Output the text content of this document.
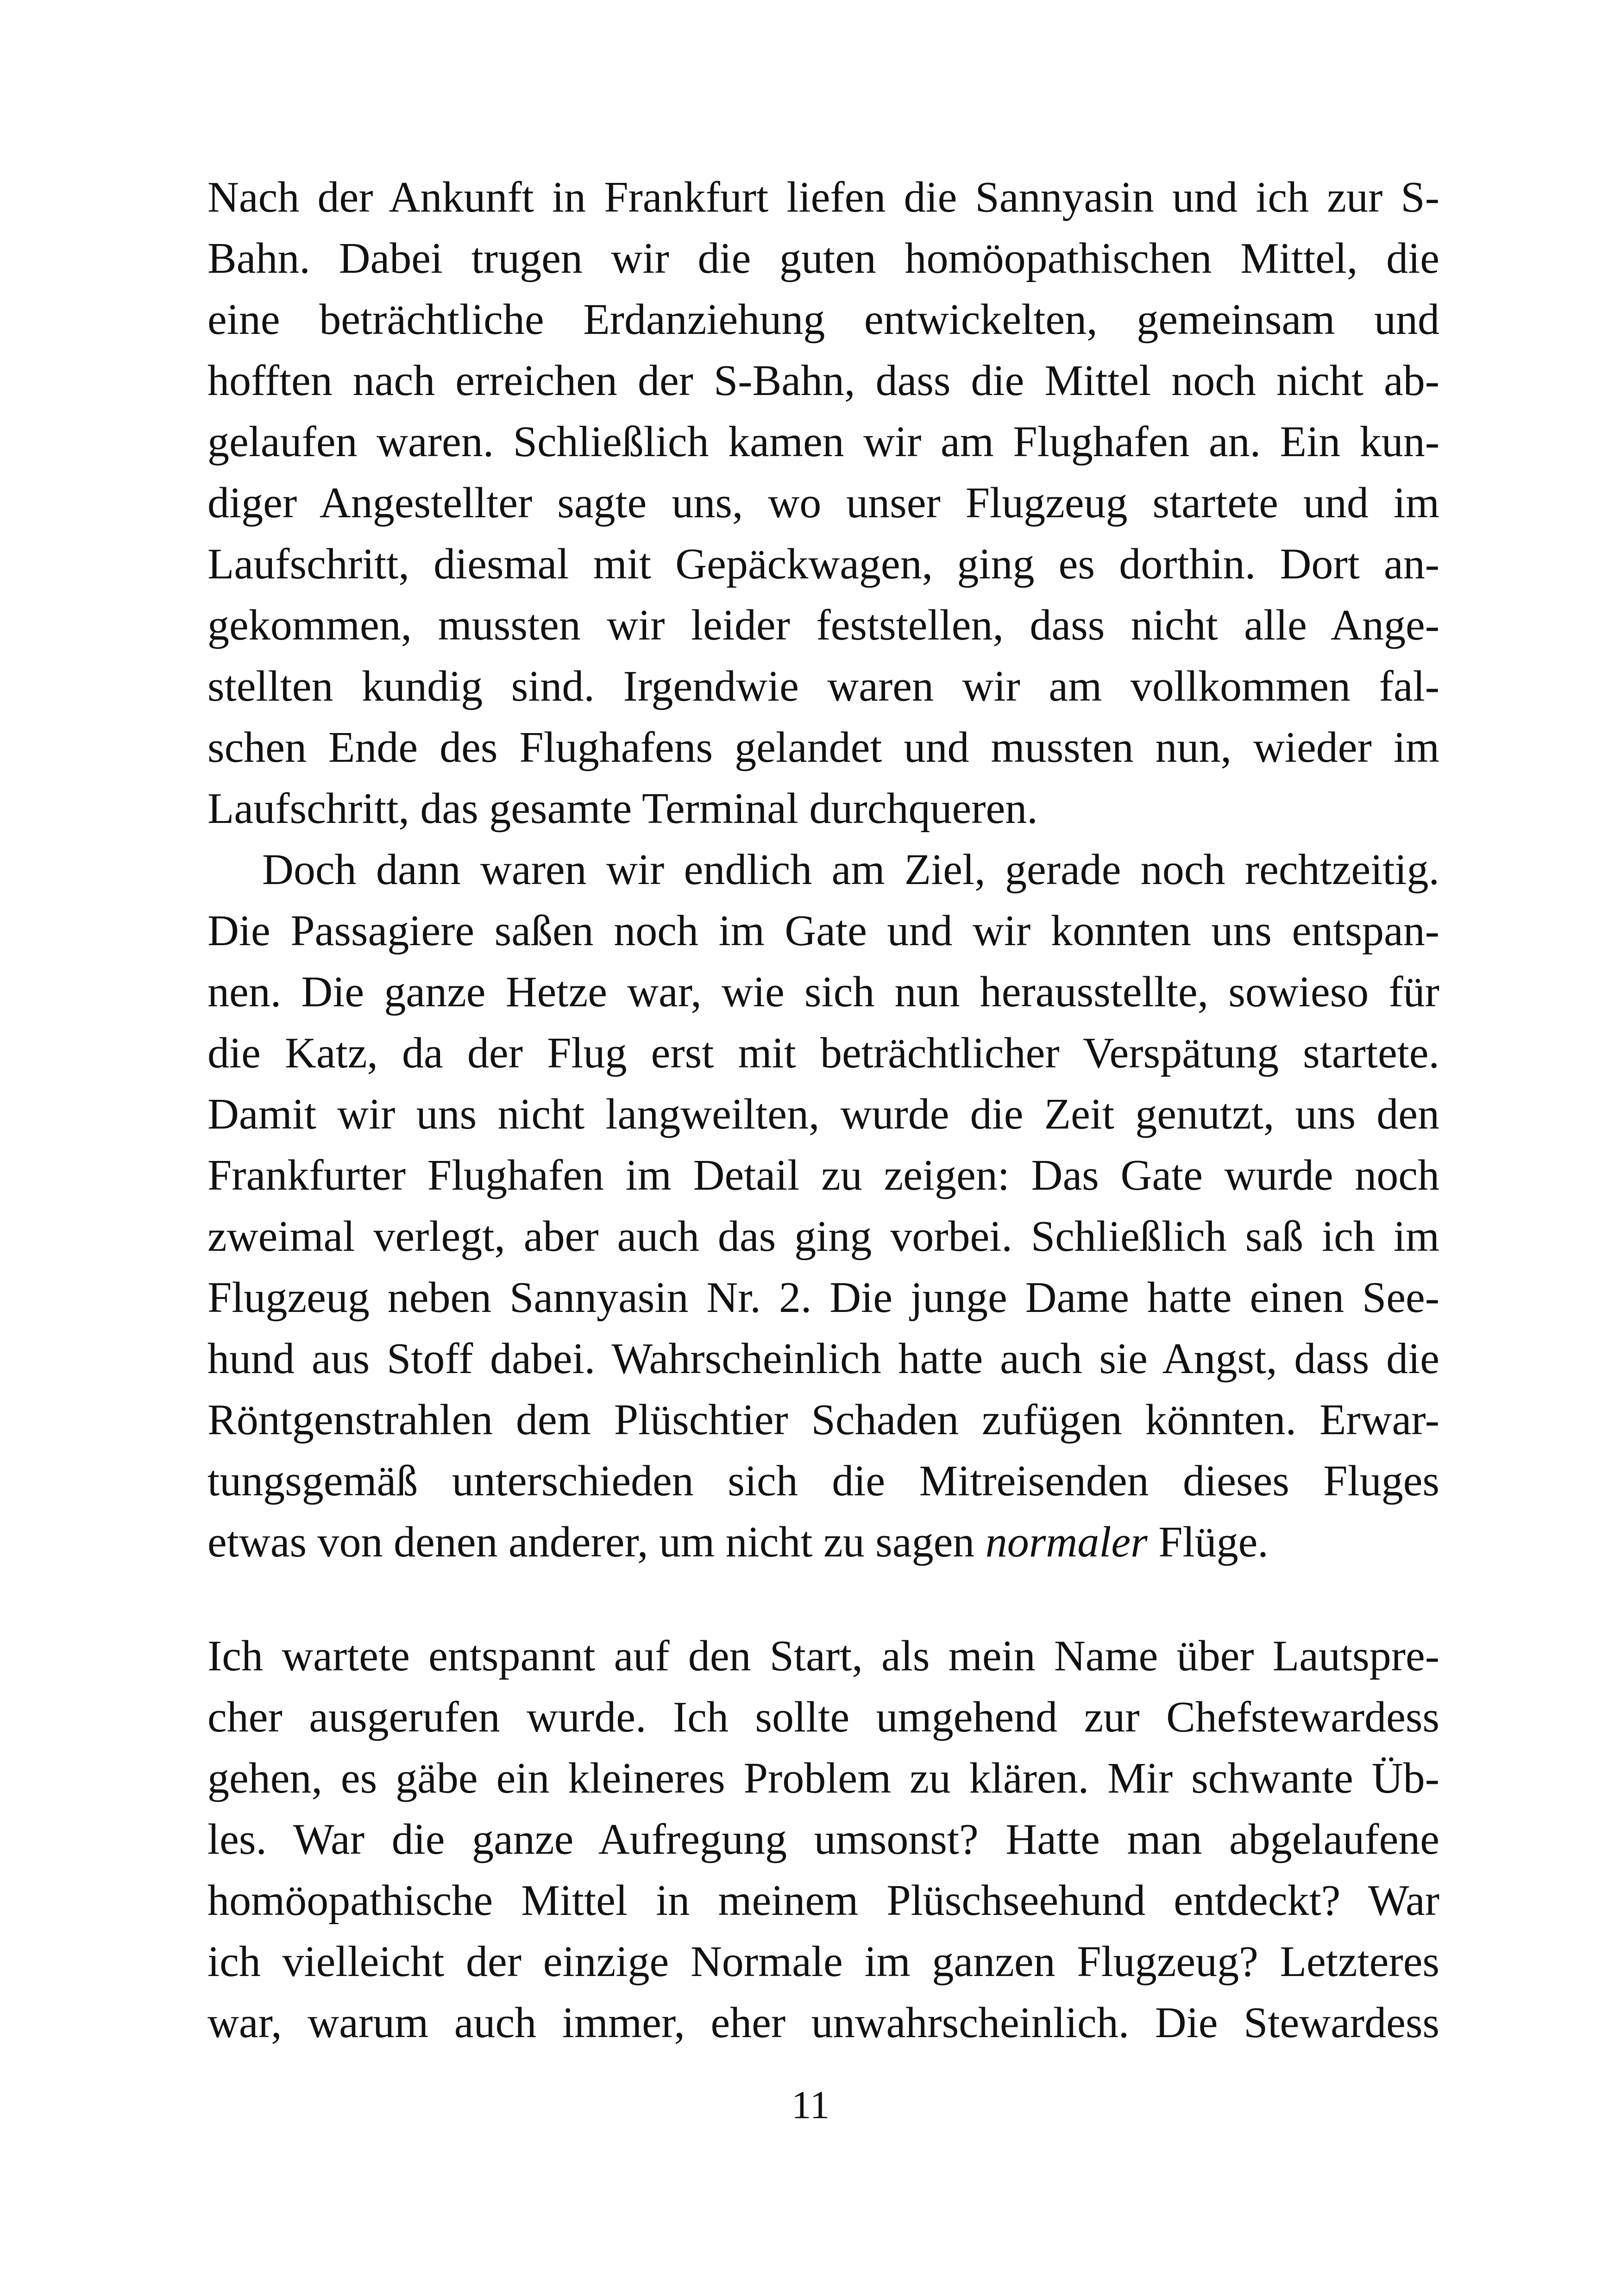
Nach der Ankunft in Frankfurt liefen die Sannyasin und ich zur S-
Bahn. Dabei trugen wir die guten homöopathischen Mittel, die
eine beträchtliche Erdanziehung entwickelten, gemeinsam und
hofften nach erreichen der S-Bahn, dass die Mittel noch nicht ab-
gelaufen waren. Schließlich kamen wir am Flughafen an. Ein kun-
diger Angestellter sagte uns, wo unser Flugzeug startete und im
Laufschritt, diesmal mit Gepäckwagen, ging es dorthin. Dort an-
gekommen, mussten wir leider feststellen, dass nicht alle Ange-
stellten kundig sind. Irgendwie waren wir am vollkommen fal-
schen Ende des Flughafens gelandet und mussten nun, wieder im
Laufschritt, das gesamte Terminal durchqueren.
Doch dann waren wir endlich am Ziel, gerade noch rechtzeitig.
Die Passagiere saßen noch im Gate und wir konnten uns entspan-
nen. Die ganze Hetze war, wie sich nun herausstellte, sowieso für
die Katz, da der Flug erst mit beträchtlicher Verspätung startete.
Damit wir uns nicht langweilten, wurde die Zeit genutzt, uns den
Frankfurter Flughafen im Detail zu zeigen: Das Gate wurde noch
zweimal verlegt, aber auch das ging vorbei. Schließlich saß ich im
Flugzeug neben Sannyasin Nr. 2. Die junge Dame hatte einen See-
hund aus Stoff dabei. Wahrscheinlich hatte auch sie Angst, dass die
Röntgenstrahlen dem Plüschtier Schaden zufügen könnten. Erwar-
tungsgemäß unterschieden sich die Mitreisenden dieses Fluges
etwas von denen anderer, um nicht zu sagen normaler Flüge.
Ich wartete entspannt auf den Start, als mein Name über Lautspre-
cher ausgerufen wurde. Ich sollte umgehend zur Chefstewardess
gehen, es gäbe ein kleineres Problem zu klären. Mir schwante Üb-
les. War die ganze Aufregung umsonst? Hatte man abgelaufene
homöopathische Mittel in meinem Plüschseehund entdeckt? War
ich vielleicht der einzige Normale im ganzen Flugzeug? Letzteres
war, warum auch immer, eher unwahrscheinlich. Die Stewardess
11
